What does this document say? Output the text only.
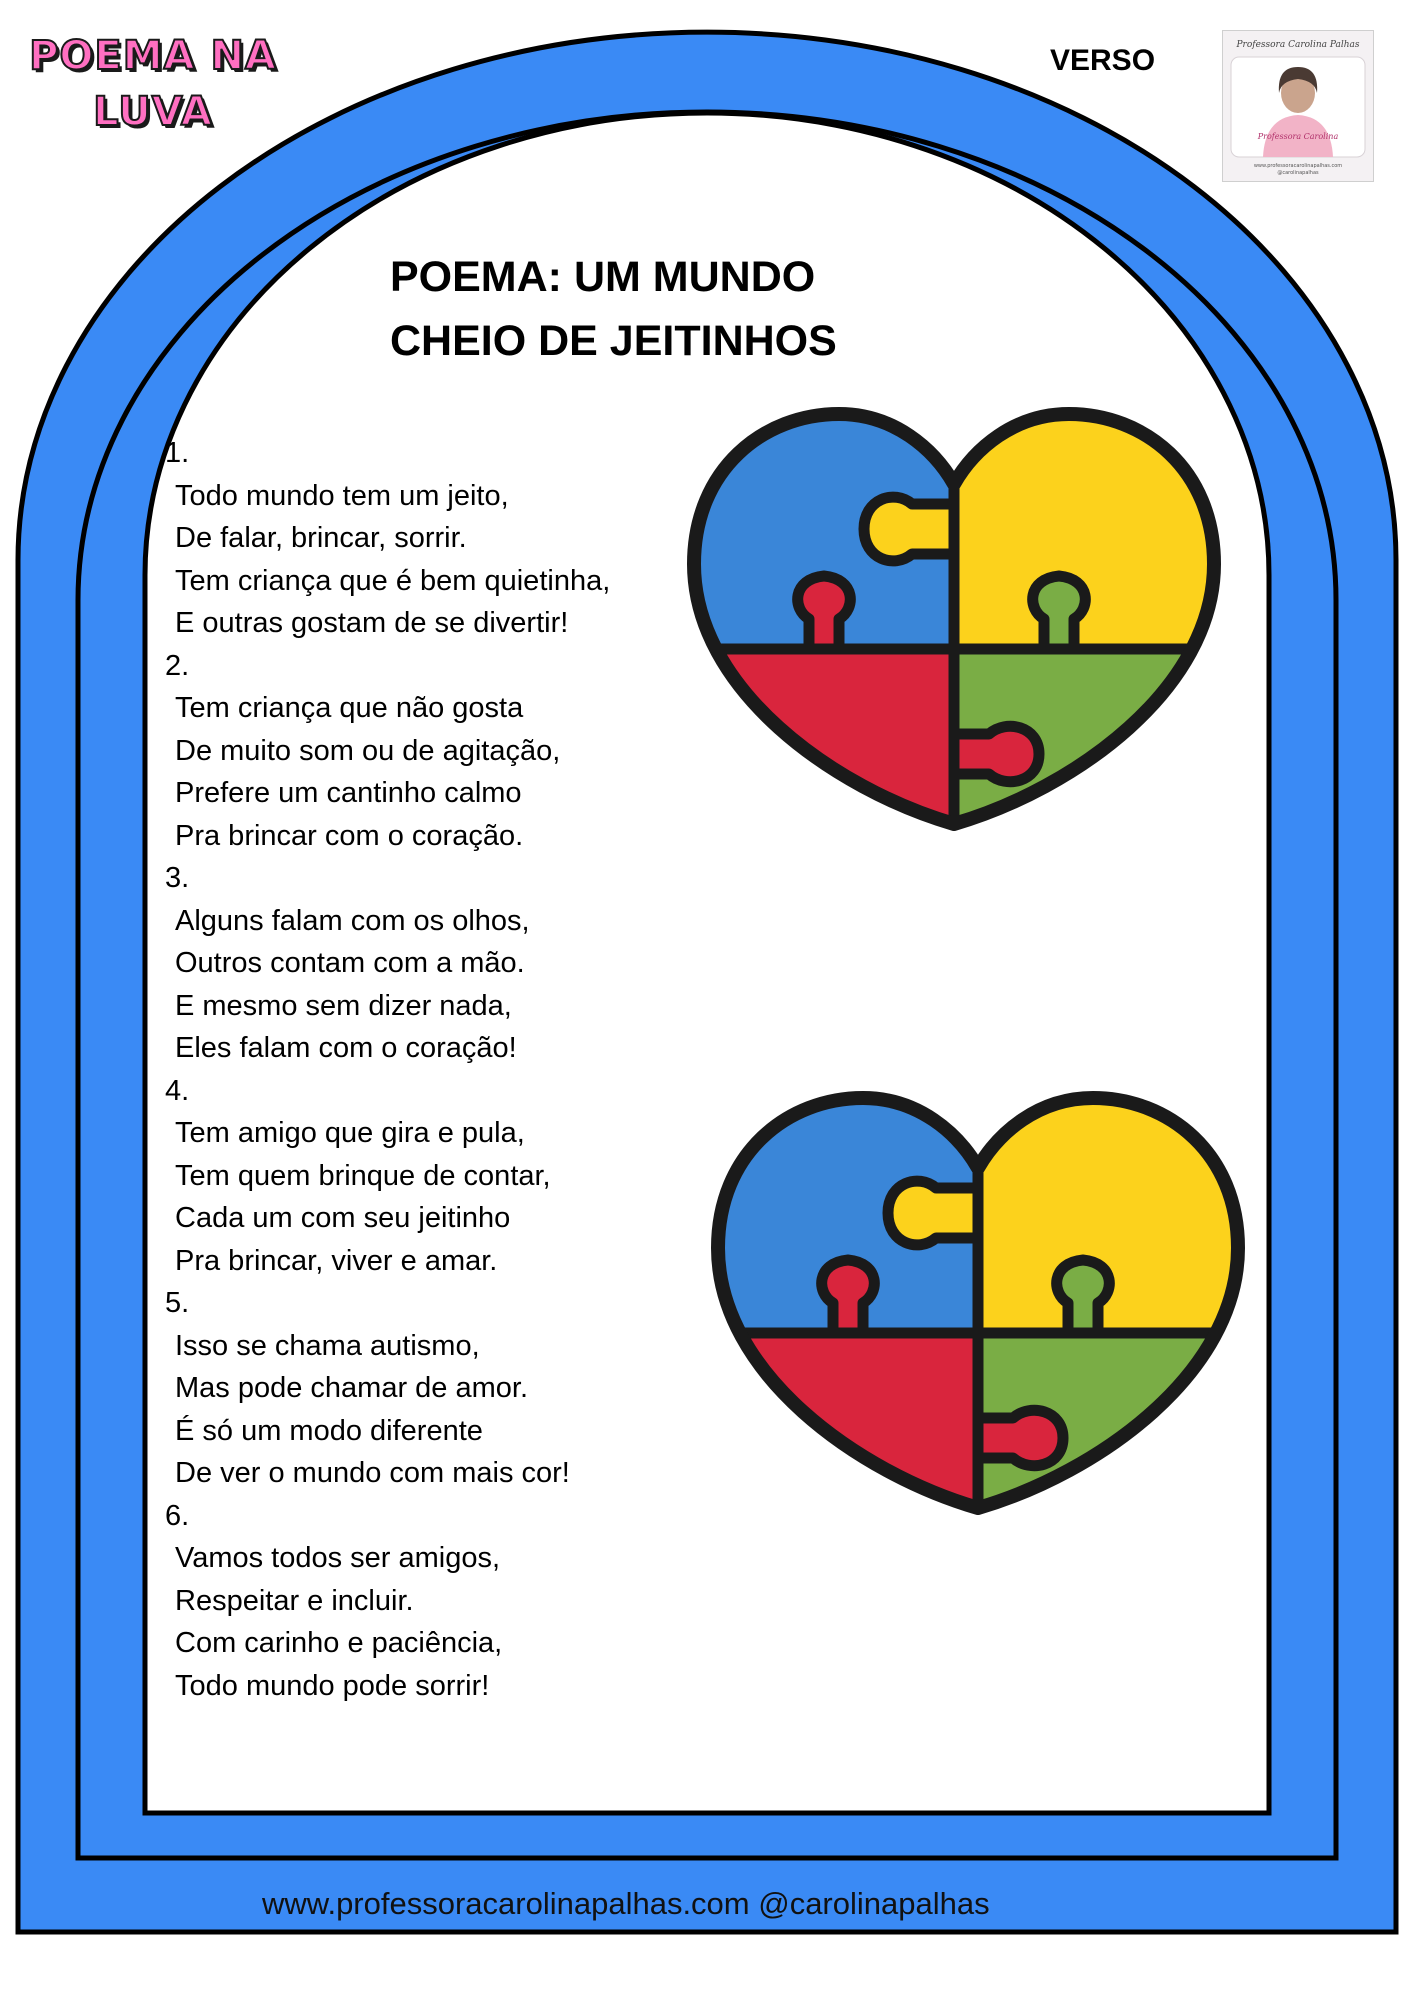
POEMA NA
LUVA
VERSO	Professora Carolina Palhas
Professora Carolina
www.professoracarolinapalhas.com
@carolinapalhas
POEMA: UM MUNDO
CHEIO DE JEITINHOS
1.
Todo mundo tem um jeito,
De falar, brincar, sorrir.
Tem criança que é bem quietinha,
E outras gostam de se divertir!
2.
Tem criança que não gosta
De muito som ou de agitação,
Prefere um cantinho calmo
Pra brincar com o coração.
3.
Alguns falam com os olhos,
Outros contam com a mão.
E mesmo sem dizer nada,
Eles falam com o coração!
4.
Tem amigo que gira e pula,
Tem quem brinque de contar,
Cada um com seu jeitinho
Pra brincar, viver e amar.
5.
Isso se chama autismo,
Mas pode chamar de amor.
É só um modo diferente
De ver o mundo com mais cor!
6.
Vamos todos ser amigos,
Respeitar e incluir.
Com carinho e paciência,
Todo mundo pode sorrir!
www.professoracarolinapalhas.com @carolinapalhas
